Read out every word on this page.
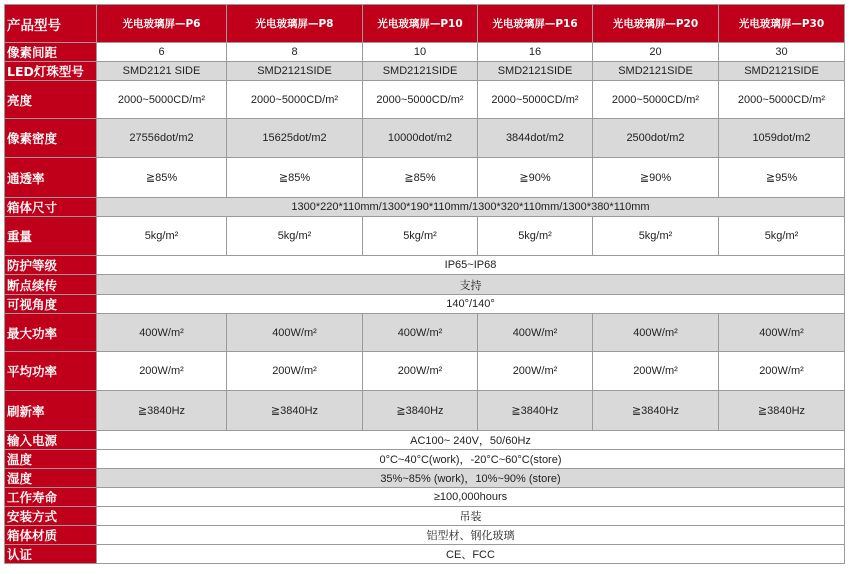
产品型号	光电玻璃屏—P6	光电玻璃屏—P8	光电玻璃屏—P10	光电玻璃屏—P16	光电玻璃屏—P20	光电玻璃屏—P30
像素间距	6	8	10	16	20	30
LED灯珠型号	SMD2121 SIDE	SMD2121SIDE	SMD2121SIDE	SMD2121SIDE	SMD2121SIDE	SMD2121SIDE
亮度	2000~5000CD/m²	2000~5000CD/m²	2000~5000CD/m²	2000~5000CD/m²	2000~5000CD/m²	2000~5000CD/m²
像素密度	27556dot/m2	15625dot/m2	10000dot/m2	3844dot/m2	2500dot/m2	1059dot/m2
通透率	≧85%	≧85%	≧85%	≧90%	≧90%	≧95%
箱体尺寸	1300*220*110mm/1300*190*110mm/1300*320*110mm/1300*380*110mm					
重量	5kg/m²	5kg/m²	5kg/m²	5kg/m²	5kg/m²	5kg/m²
防护等级	IP65~IP68					
断点续传	支持					
可视角度	140°/140°					
最大功率	400W/m²	400W/m²	400W/m²	400W/m²	400W/m²	400W/m²
平均功率	200W/m²	200W/m²	200W/m²	200W/m²	200W/m²	200W/m²
刷新率	≧3840Hz	≧3840Hz	≧3840Hz	≧3840Hz	≧3840Hz	≧3840Hz
输入电源	AC100~ 240V，50/60Hz					
温度	0°C~40°C(work)，-20°C~60°C(store)					
湿度	35%~85% (work)，10%~90% (store)					
工作寿命	≥100,000hours					
安装方式	吊装					
箱体材质	铝型材、钢化玻璃					
认证	CE、FCC					
